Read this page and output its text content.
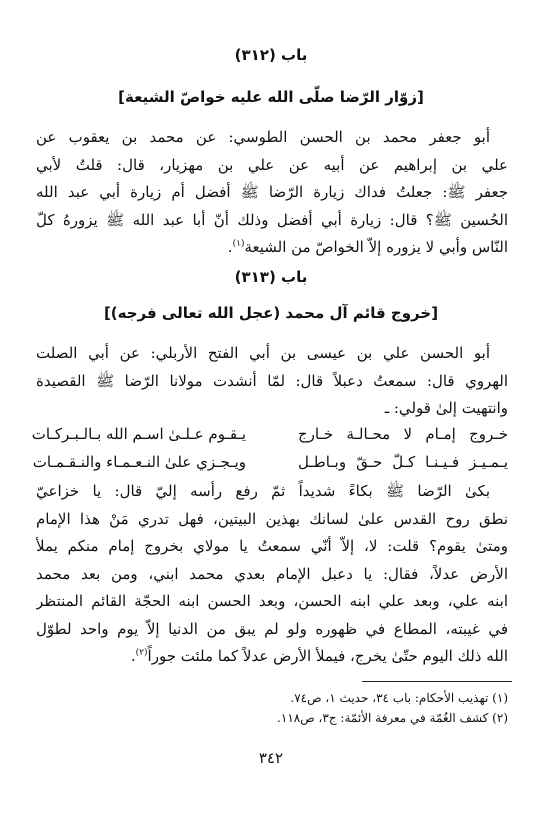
باب (٣١٢)
[زوّار الرّضا صلّى الله عليه خواصّ الشيعة]
أبو جعفر محمد بن الحسن الطوسي: عن محمد بن يعقوب عن
علي بن إبراهيم عن أبيه عن علي بن مهزيار، قال: قلتُ لأبي
جعفر ﷺ: جعلتُ فداك زيارة الرّضا ﷺ أفضل أم زيارة أبي عبد الله
الحُسين ﷺ؟ قال: زيارة أبي أفضل وذلك أنّ أبا عبد الله ﷺ يزورهُ كلّ
النّاس وأبي لا يزوره إلاّ الخواصّ من الشيعة$^{(١)}$.
باب (٣١٣)
[خروج قائم آل محمد (عجل الله تعالى فرجه)]
أبو الحسن علي بن عيسى بن أبي الفتح الأربلي: عن أبي الصلت
الهروي قال: سمعتُ دعبلاً قال: لمّا أنشدت مولانا الرّضا ﷺ القصيدة
وانتهيت إلىٰ قولي: ـ
خـروج إمـام لا محـالـة خـارج
يـقـوم عـلـىٰ اسـم الله بـالـبـركـات
يـمـيـز فـيـنـا كـلّ حـقّ وبـاطـل
ويـجـزي علىٰ النـعـمـاء والنـقـمـات
بكىٰ الرّضا ﷺ بكاءً شديداً ثمّ رفع رأسه إليّ قال: يا خزاعيّ
نطق روح القدس علىٰ لسانك بهذين البيتين، فهل تدري مَنْ هذا الإمام
ومتىٰ يقوم؟ قلت: لا، إلاّ أنّي سمعتُ يا مولاي بخروج إمام منكم يملأ
الأرض عدلاً، فقال: يا دعبل الإمام بعدي محمد ابني، ومن بعد محمد
ابنه علي، وبعد علي ابنه الحسن، وبعد الحسن ابنه الحجّة القائم المنتظر
في غيبته، المطاع في ظهوره ولو لم يبق من الدنيا إلاّ يوم واحد لطوّل
الله ذلك اليوم حتّىٰ يخرج، فيملأ الأرض عدلاً كما ملئت جوراً$^{(٢)}$.
(١) تهذيب الأحكام: باب ٣٤، حديث ١، ص٧٤.
(٢) كشف الغُمّة في معرفة الأئمّة: ج٣، ص١١٨.
٣٤٢
